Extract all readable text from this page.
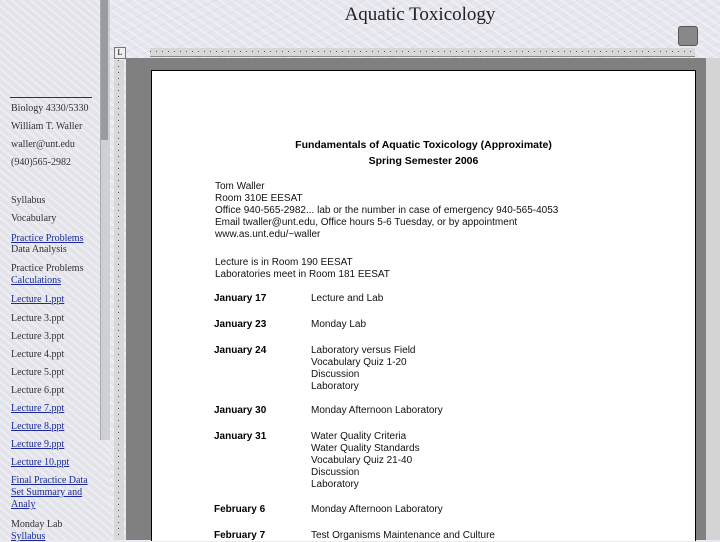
Aquatic Toxicology
Biology 4330/5330
William T. Waller
waller@unt.edu
(940)565-2982
Syllabus
Vocabulary
Practice Problems
Data Analysis
Practice Problems
Calculations
Lecture 1.ppt
Lecture 3.ppt
Lecture 3.ppt
Lecture 4.ppt
Lecture 5.ppt
Lecture 6.ppt
Lecture 7.ppt
Lecture 8.ppt
Lecture 9.ppt
Lecture 10.ppt
Final Practice Data
Set Summary and
Analy
Monday Lab
Syllabus
L
Fundamentals of Aquatic Toxicology (Approximate)
Spring Semester 2006
Tom Waller
Room 310E EESAT
Office 940-565-2982... lab or the number in case of emergency 940-565-4053
Email twaller@unt.edu, Office hours 5-6 Tuesday, or by appointment
www.as.unt.edu/~waller
Lecture is in Room 190 EESAT
Laboratories meet in Room 181 EESAT
January 17	Lecture and Lab
January 23	Monday Lab
January 24	Laboratory versus Field
Vocabulary Quiz 1-20
Discussion
Laboratory
January 30	Monday Afternoon Laboratory
January 31	Water Quality Criteria
Water Quality Standards
Vocabulary Quiz 21-40
Discussion
Laboratory
February 6	Monday Afternoon Laboratory
February 7	Test Organisms Maintenance and Culture
